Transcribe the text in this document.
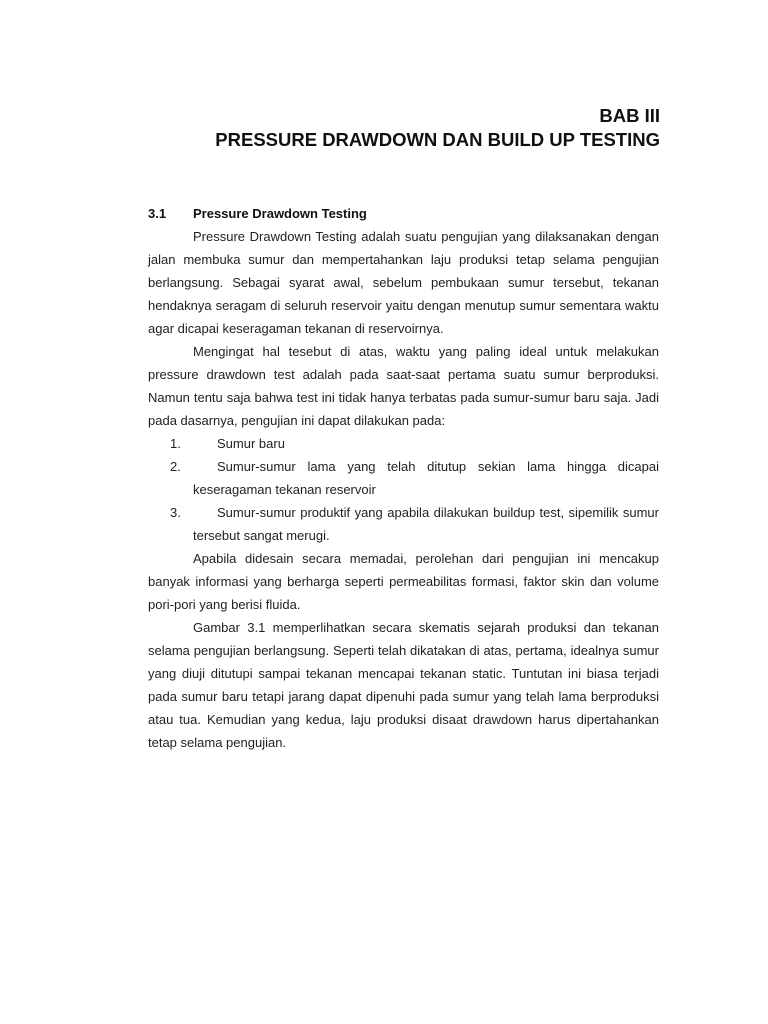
BAB III
PRESSURE DRAWDOWN DAN BUILD UP TESTING
3.1	Pressure Drawdown Testing

Pressure Drawdown Testing adalah suatu pengujian yang dilaksanakan dengan jalan membuka sumur dan mempertahankan laju produksi tetap selama pengujian berlangsung. Sebagai syarat awal, sebelum pembukaan sumur tersebut, tekanan hendaknya seragam di seluruh reservoir yaitu dengan menutup sumur sementara waktu agar dicapai keseragaman tekanan di reservoirnya.

Mengingat hal tesebut di atas, waktu yang paling ideal untuk melakukan pressure drawdown test adalah pada saat-saat pertama suatu sumur berproduksi. Namun tentu saja bahwa test ini tidak hanya terbatas pada sumur-sumur baru saja. Jadi pada dasarnya, pengujian ini dapat dilakukan pada:

1.	Sumur baru
2.	Sumur-sumur lama yang telah ditutup sekian lama hingga dicapai keseragaman tekanan reservoir
3.	Sumur-sumur produktif yang apabila dilakukan buildup test, sipemilik sumur tersebut sangat merugi.

Apabila didesain secara memadai, perolehan dari pengujian ini mencakup banyak informasi yang berharga seperti permeabilitas formasi, faktor skin dan volume pori-pori yang berisi fluida.

Gambar 3.1 memperlihatkan secara skematis sejarah produksi dan tekanan selama pengujian berlangsung. Seperti telah dikatakan di atas, pertama, idealnya sumur yang diuji ditutupi sampai tekanan mencapai tekanan static. Tuntutan ini biasa terjadi pada sumur baru tetapi jarang dapat dipenuhi pada sumur yang telah lama berproduksi atau tua. Kemudian yang kedua, laju produksi disaat drawdown harus dipertahankan tetap selama pengujian.
